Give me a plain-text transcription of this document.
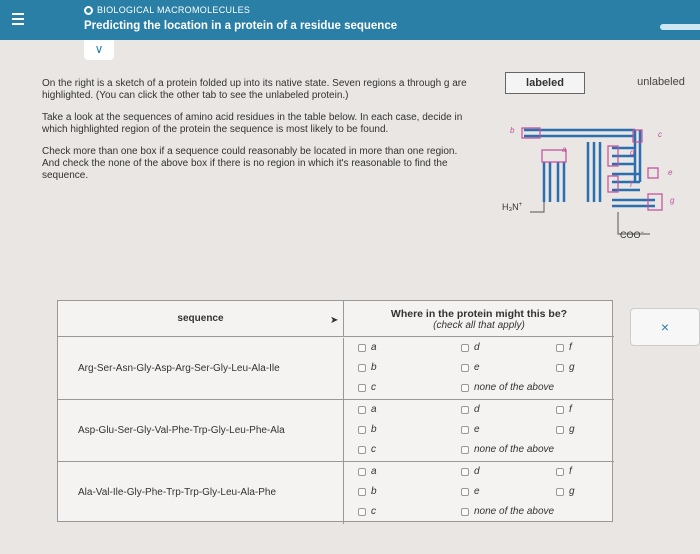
BIOLOGICAL MACROMOLECULES
Predicting the location in a protein of a residue sequence
∨

On the right is a sketch of a protein folded up into its native state. Seven regions a through g are highlighted. (You can click the other tab to see the unlabeled protein.)

Take a look at the sequences of amino acid residues in the table below. In each case, decide in which highlighted region of the protein the sequence is most likely to be found.

Check more than one box if a sequence could reasonably be located in more than one region. And check the none of the above box if there is no region in which it's reasonable to find the sequence.

labeled	unlabeled
a
b	c
d
e
f
g
H₃N+
COO−
×
sequence	➤
Where in the protein might this be?
(check all that apply)
Arg-Ser-Asn-Gly-Asp-Arg-Ser-Gly-Leu-Ala-Ile
a
b
c
d
e
none of the above
f
g
Asp-Glu-Ser-Gly-Val-Phe-Trp-Gly-Leu-Phe-Ala
a
b
c
d
e
none of the above
f
g
Ala-Val-Ile-Gly-Phe-Trp-Trp-Gly-Leu-Ala-Phe
a
b
c
d
e
none of the above
f
g
